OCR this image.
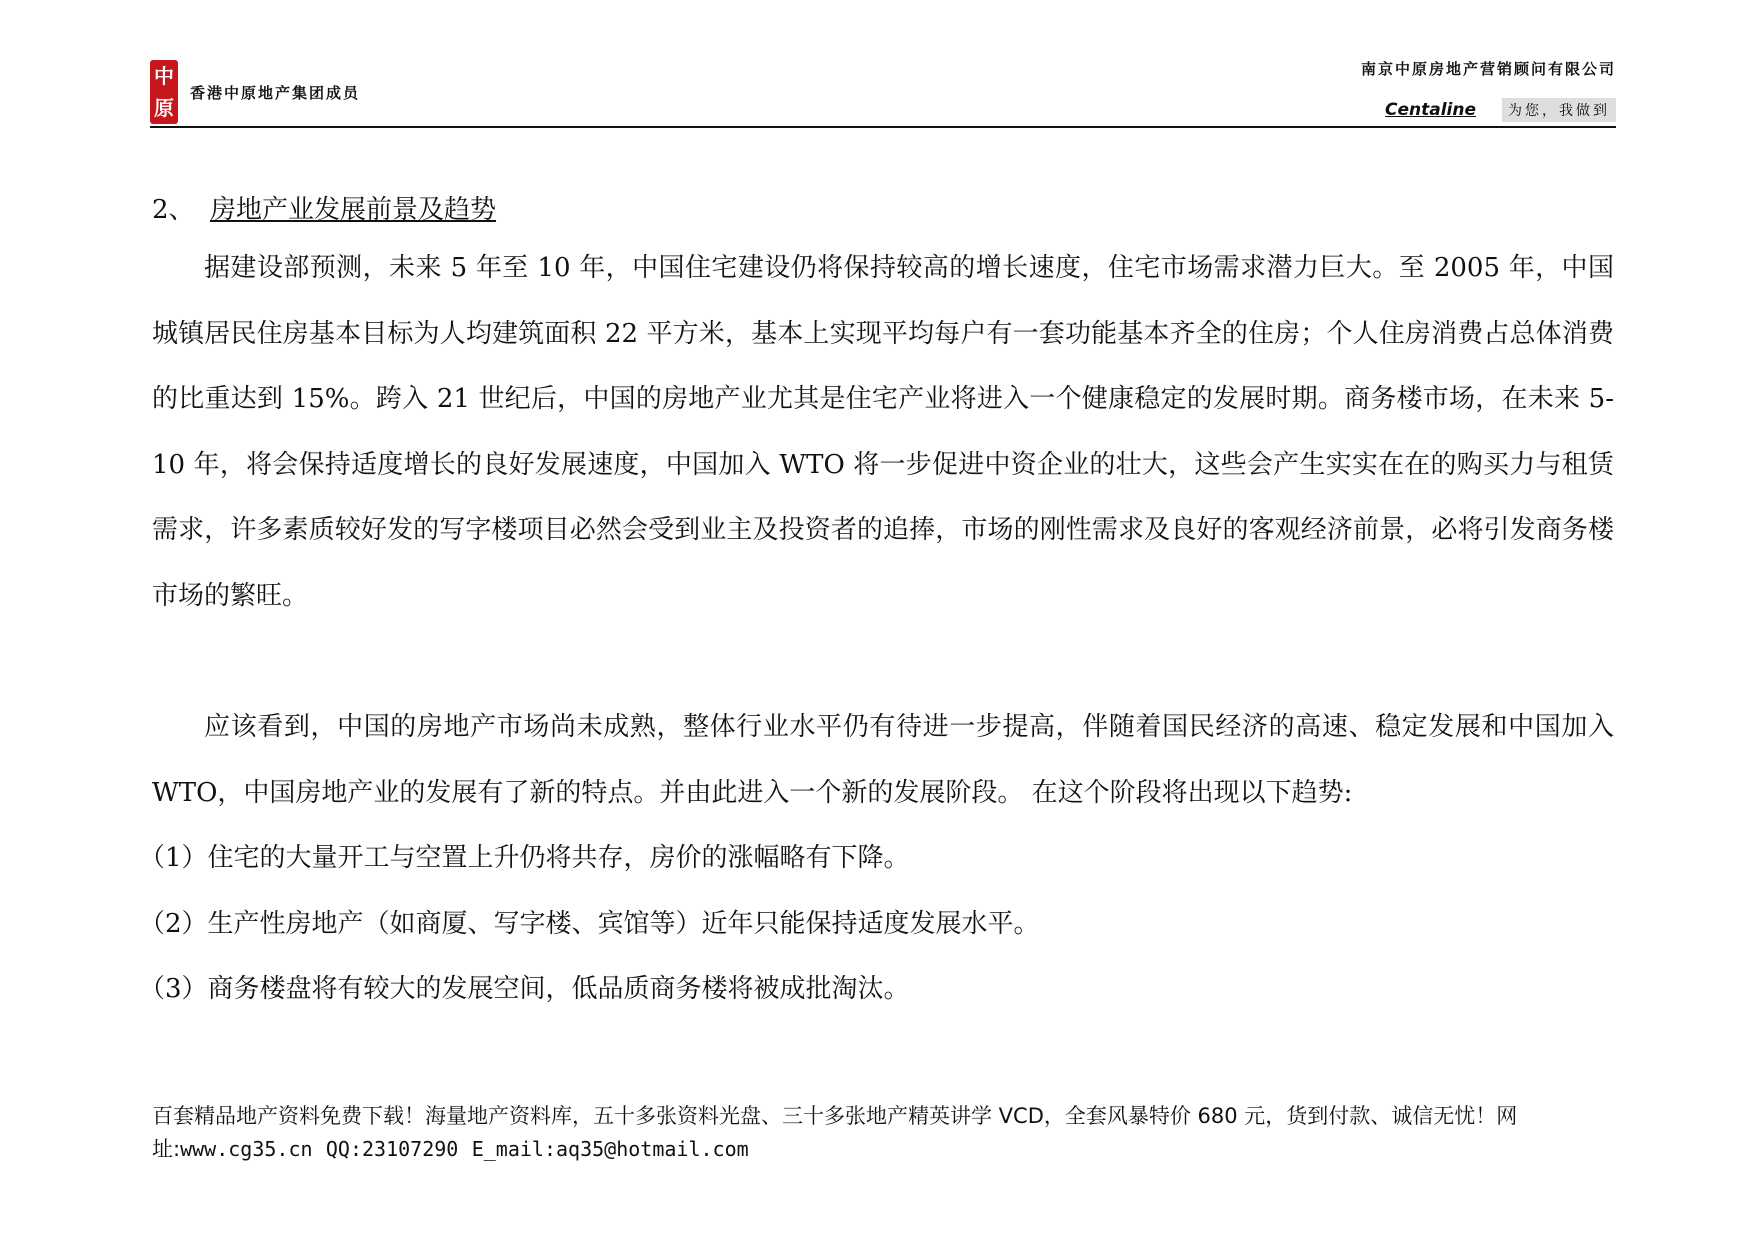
中
原
香港中原地产集团成员
南京中原房地产营销顾问有限公司
Centaline	为您，我做到
2、 房地产业发展前景及趋势

据建设部预测，未来 5 年至 10 年，中国住宅建设仍将保持较高的增长速度，住宅市场需求潜力巨大。至 2005 年，中国城镇居民住房基本目标为人均建筑面积 22 平方米，基本上实现平均每户有一套功能基本齐全的住房；个人住房消费占总体消费的比重达到 15%。跨入 21 世纪后，中国的房地产业尤其是住宅产业将进入一个健康稳定的发展时期。商务楼市场，在未来 5-10 年，将会保持适度增长的良好发展速度，中国加入 WTO 将一步促进中资企业的壮大，这些会产生实实在在的购买力与租赁需求，许多素质较好发的写字楼项目必然会受到业主及投资者的追捧，市场的刚性需求及良好的客观经济前景，必将引发商务楼市场的繁旺。

应该看到，中国的房地产市场尚未成熟，整体行业水平仍有待进一步提高，伴随着国民经济的高速、稳定发展和中国加入 WTO，中国房地产业的发展有了新的特点。并由此进入一个新的发展阶段。 在这个阶段将出现以下趋势:

（1）住宅的大量开工与空置上升仍将共存，房价的涨幅略有下降。

（2）生产性房地产（如商厦、写字楼、宾馆等）近年只能保持适度发展水平。

（3）商务楼盘将有较大的发展空间，低品质商务楼将被成批淘汰。

百套精品地产资料免费下载！海量地产资料库，五十多张资料光盘、三十多张地产精英讲学 VCD，全套风暴特价 680 元，货到付款、诚信无忧！网址:www.cg35.cn QQ:23107290 E_mail:aq35@hotmail.com
